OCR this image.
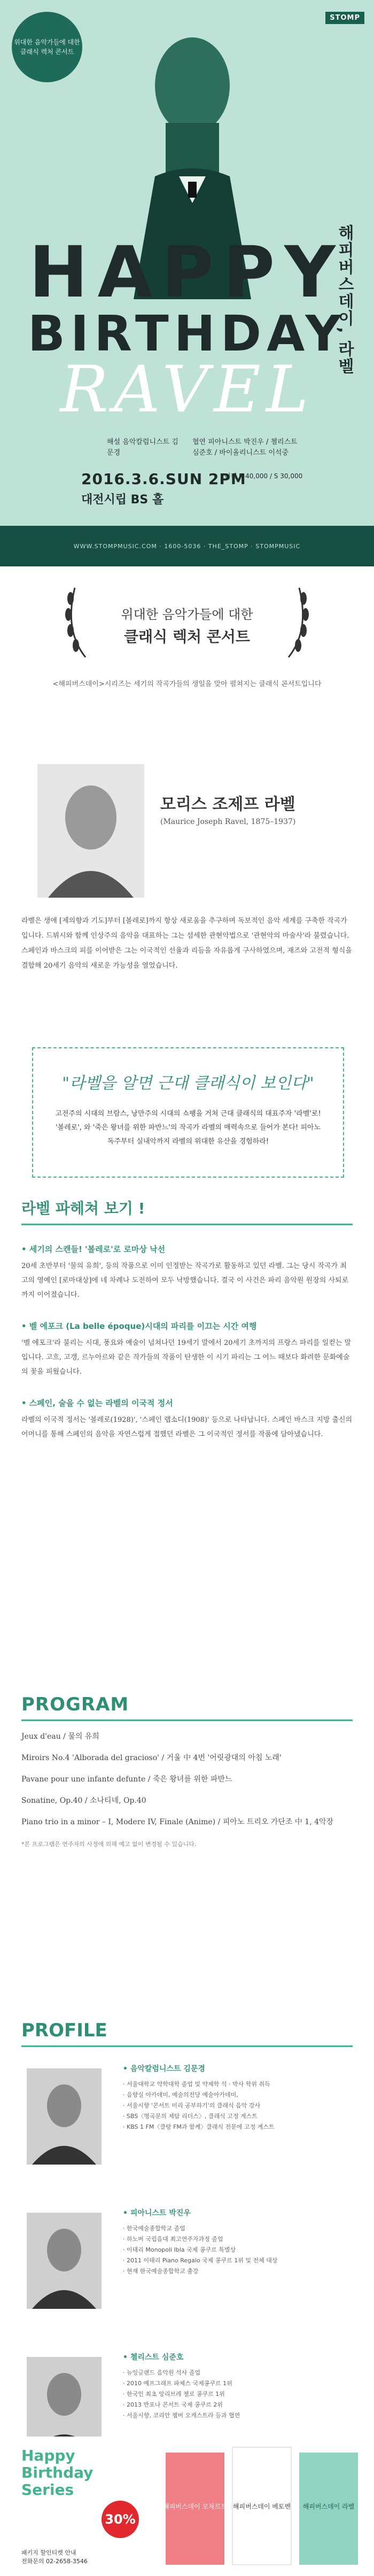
위대한 음악가들에 대한
클래식 렉처 콘서트
STOMP
HAPPY
BIRTHDAY
RAVEL
해피버스데이, 라벨
해설 음악칼럼니스트 김문경
협연 피아니스트 박진우 / 첼리스트 심준호 / 바이올리니스트 이석중
2016.3.6.SUN 2PM
대전시립 BS 홀
티켓 R 40,000 / S 30,000
WWW.STOMPMUSIC.COM · 1600-5036 · THE_STOMP · STOMPMUSIC
위대한 음악가들에 대한
클래식 렉처 콘서트
<해피버스데이>시리즈는 세기의 작곡가들의 생일을 맞아 펼쳐지는 클래식 콘서트입니다
모리스 조제프 라벨
(Maurice Joseph Ravel, 1875–1937)
라벨은 생애 [제의향과 기도]부터 [볼레로]까지 항상 새로움을 추구하며 독보적인 음악 세계를 구축한 작곡가입니다. 드뷔시와 함께 인상주의 음악을 대표하는 그는 섬세한 관현악법으로 '관현악의 마술사'라 불렸습니다. 스페인과 바스크의 피를 이어받은 그는 이국적인 선율과 리듬을 자유롭게 구사하였으며, 재즈와 고전적 형식을 결합해 20세기 음악의 새로운 가능성을 열었습니다.
"라벨을 알면 근대 클래식이 보인다"
고전주의 시대의 브람스, 낭만주의 시대의 쇼팽을 거쳐 근대 클래식의 대표주자 '라벨'로! '볼레로', 와 '죽은 왕녀를 위한 파반느'의 작곡가 라벨의 매력속으로 들어가 본다! 피아노 독주부터 실내악까지 라벨의 위대한 유산을 경험하라!
라벨 파헤쳐 보기 !
• 세기의 스캔들! '볼레로'로 로마상 낙선
20세 초반부터 '물의 유희', 등의 작품으로 이미 인정받는 작곡가로 활동하고 있던 라벨. 그는 당시 작곡가 최고의 영예인 [로마대상]에 네 차례나 도전하여 모두 낙방했습니다. 결국 이 사건은 파리 음악원 원장의 사퇴로까지 이어졌습니다.
• 벨 에포크 (La belle époque)시대의 파리를 이끄는 시간 여행
'벨 에포크'라 불리는 시대, 풍요와 예술이 넘쳐나던 19세기 말에서 20세기 초까지의 프랑스 파리를 일컫는 말입니다. 고흐, 고갱, 르누아르와 같은 작가들의 작품이 탄생한 이 시기 파리는 그 어느 때보다 화려한 문화예술의 꽃을 피웠습니다.
• 스페인, 술을 수 없는 라벨의 이국적 정서
라벨의 이국적 정서는 '볼레로(1928)', '스페인 랩소디(1908)' 등으로 나타납니다. 스페인 바스크 지방 출신의 어머니를 통해 스페인의 음악을 자연스럽게 접했던 라벨은 그 이국적인 정서를 작품에 담아냈습니다.
PROGRAM
Jeux d'eau / 물의 유희
Miroirs No.4 'Alborada del gracioso' / 거울 中 4번 '어릿광대의 아침 노래'
Pavane pour une infante defunte / 죽은 왕녀를 위한 파반느
Sonatine, Op.40 / 소나티네, Op.40
Piano trio in a minor – I, Modere IV, Finale (Anime) / 피아노 트리오 가단조 中 1, 4악장
*본 프로그램은 연주자의 사정에 의해 예고 없이 변경될 수 있습니다.
PROFILE
• 음악칼럼니스트 김문경
· 서울대학교 약학대학 졸업 및 약제학 석 · 박사 학위 취득
· 음향실 아카데미, 예술의전당 예술아카데미,
· 서울시향 '콘서트 미리 공부하기'의 클래식 음악 강사
· SBS〈명곡문의 제탐 리더스〉, 클래식 고정 게스트
· KBS 1 FM〈클랑 FM과 함께〉클래식 전문에 고정 게스트
• 피아니스트 박진우
· 한국예술종합학교 졸업
· 하노버 국립음대 최고연주자과정 졸업
· 이태리 Monopoli Ibla 국제 콩쿠르 특별상
· 2011 이태리 Piano Regaio 국제 콩쿠르 1위 및 전체 대상
· 현재 한국예술종합학교 출강
• 첼리스트 심준호
· 뉴잉글랜드 음악원 석사 졸업
· 2010 예프그래프 파체스 국제콩쿠르 1위
· 한국인 최초 앙리브레 첼로 콩쿠르 1위
· 2013 반포나 콘서트 국제 콩쿠르 2위
· 서울시향, 코리안 챔버 오케스트라 등과 협연
Happy
Birthday
Series
30%
패키지 할인티켓 안내
전화문의 02-2658-3546
해피버스데이 모차르트 해피버스데이 베토벤 해피버스데이 라벨
